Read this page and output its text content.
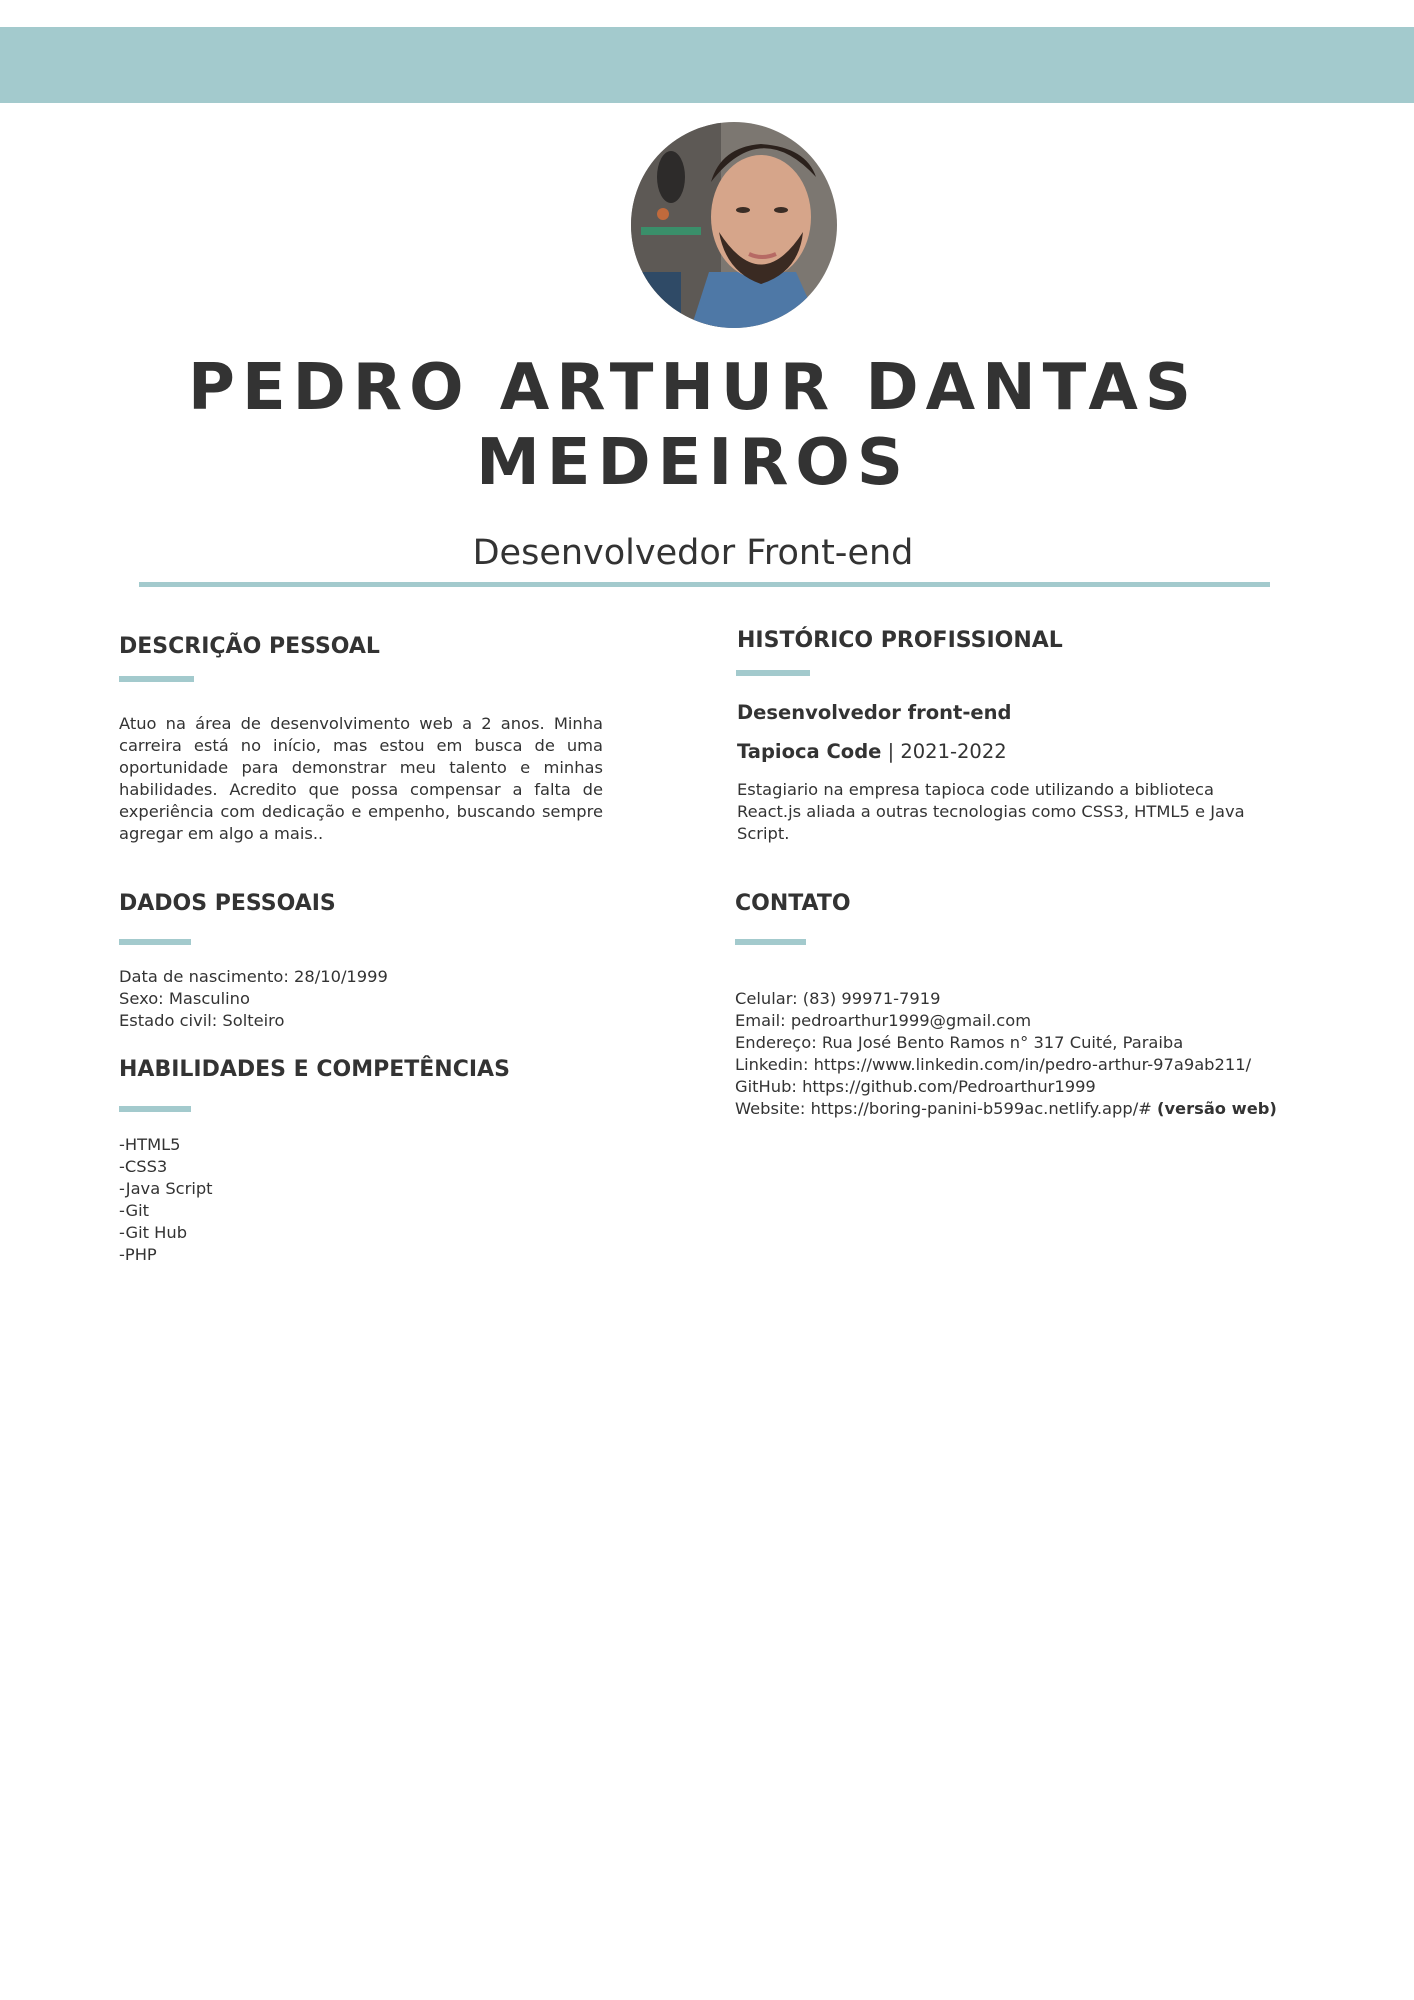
PEDRO ARTHUR DANTAS
MEDEIROS
Desenvolvedor Front-end
DESCRIÇÃO PESSOAL
Atuo na área de desenvolvimento web a 2 anos. Minha carreira está no início, mas estou em busca de uma oportunidade para demonstrar meu talento e minhas habilidades. Acredito que possa compensar a falta de experiência com dedicação e empenho, buscando sempre agregar em algo a mais..
HISTÓRICO PROFISSIONAL
Desenvolvedor front-end
Tapioca Code | 2021-2022
Estagiario na empresa tapioca code utilizando a biblioteca
React.js aliada a outras tecnologias como CSS3, HTML5 e Java
Script.
DADOS PESSOAIS
Data de nascimento: 28/10/1999
Sexo: Masculino
Estado civil: Solteiro
HABILIDADES E COMPETÊNCIAS
-HTML5
-CSS3
-Java Script
-Git
-Git Hub
-PHP
CONTATO
Celular: (83) 99971-7919
Email: pedroarthur1999@gmail.com
Endereço: Rua José Bento Ramos n° 317 Cuité, Paraiba
Linkedin: https://www.linkedin.com/in/pedro-arthur-97a9ab211/
GitHub: https://github.com/Pedroarthur1999
Website: https://boring-panini-b599ac.netlify.app/# (versão web)
